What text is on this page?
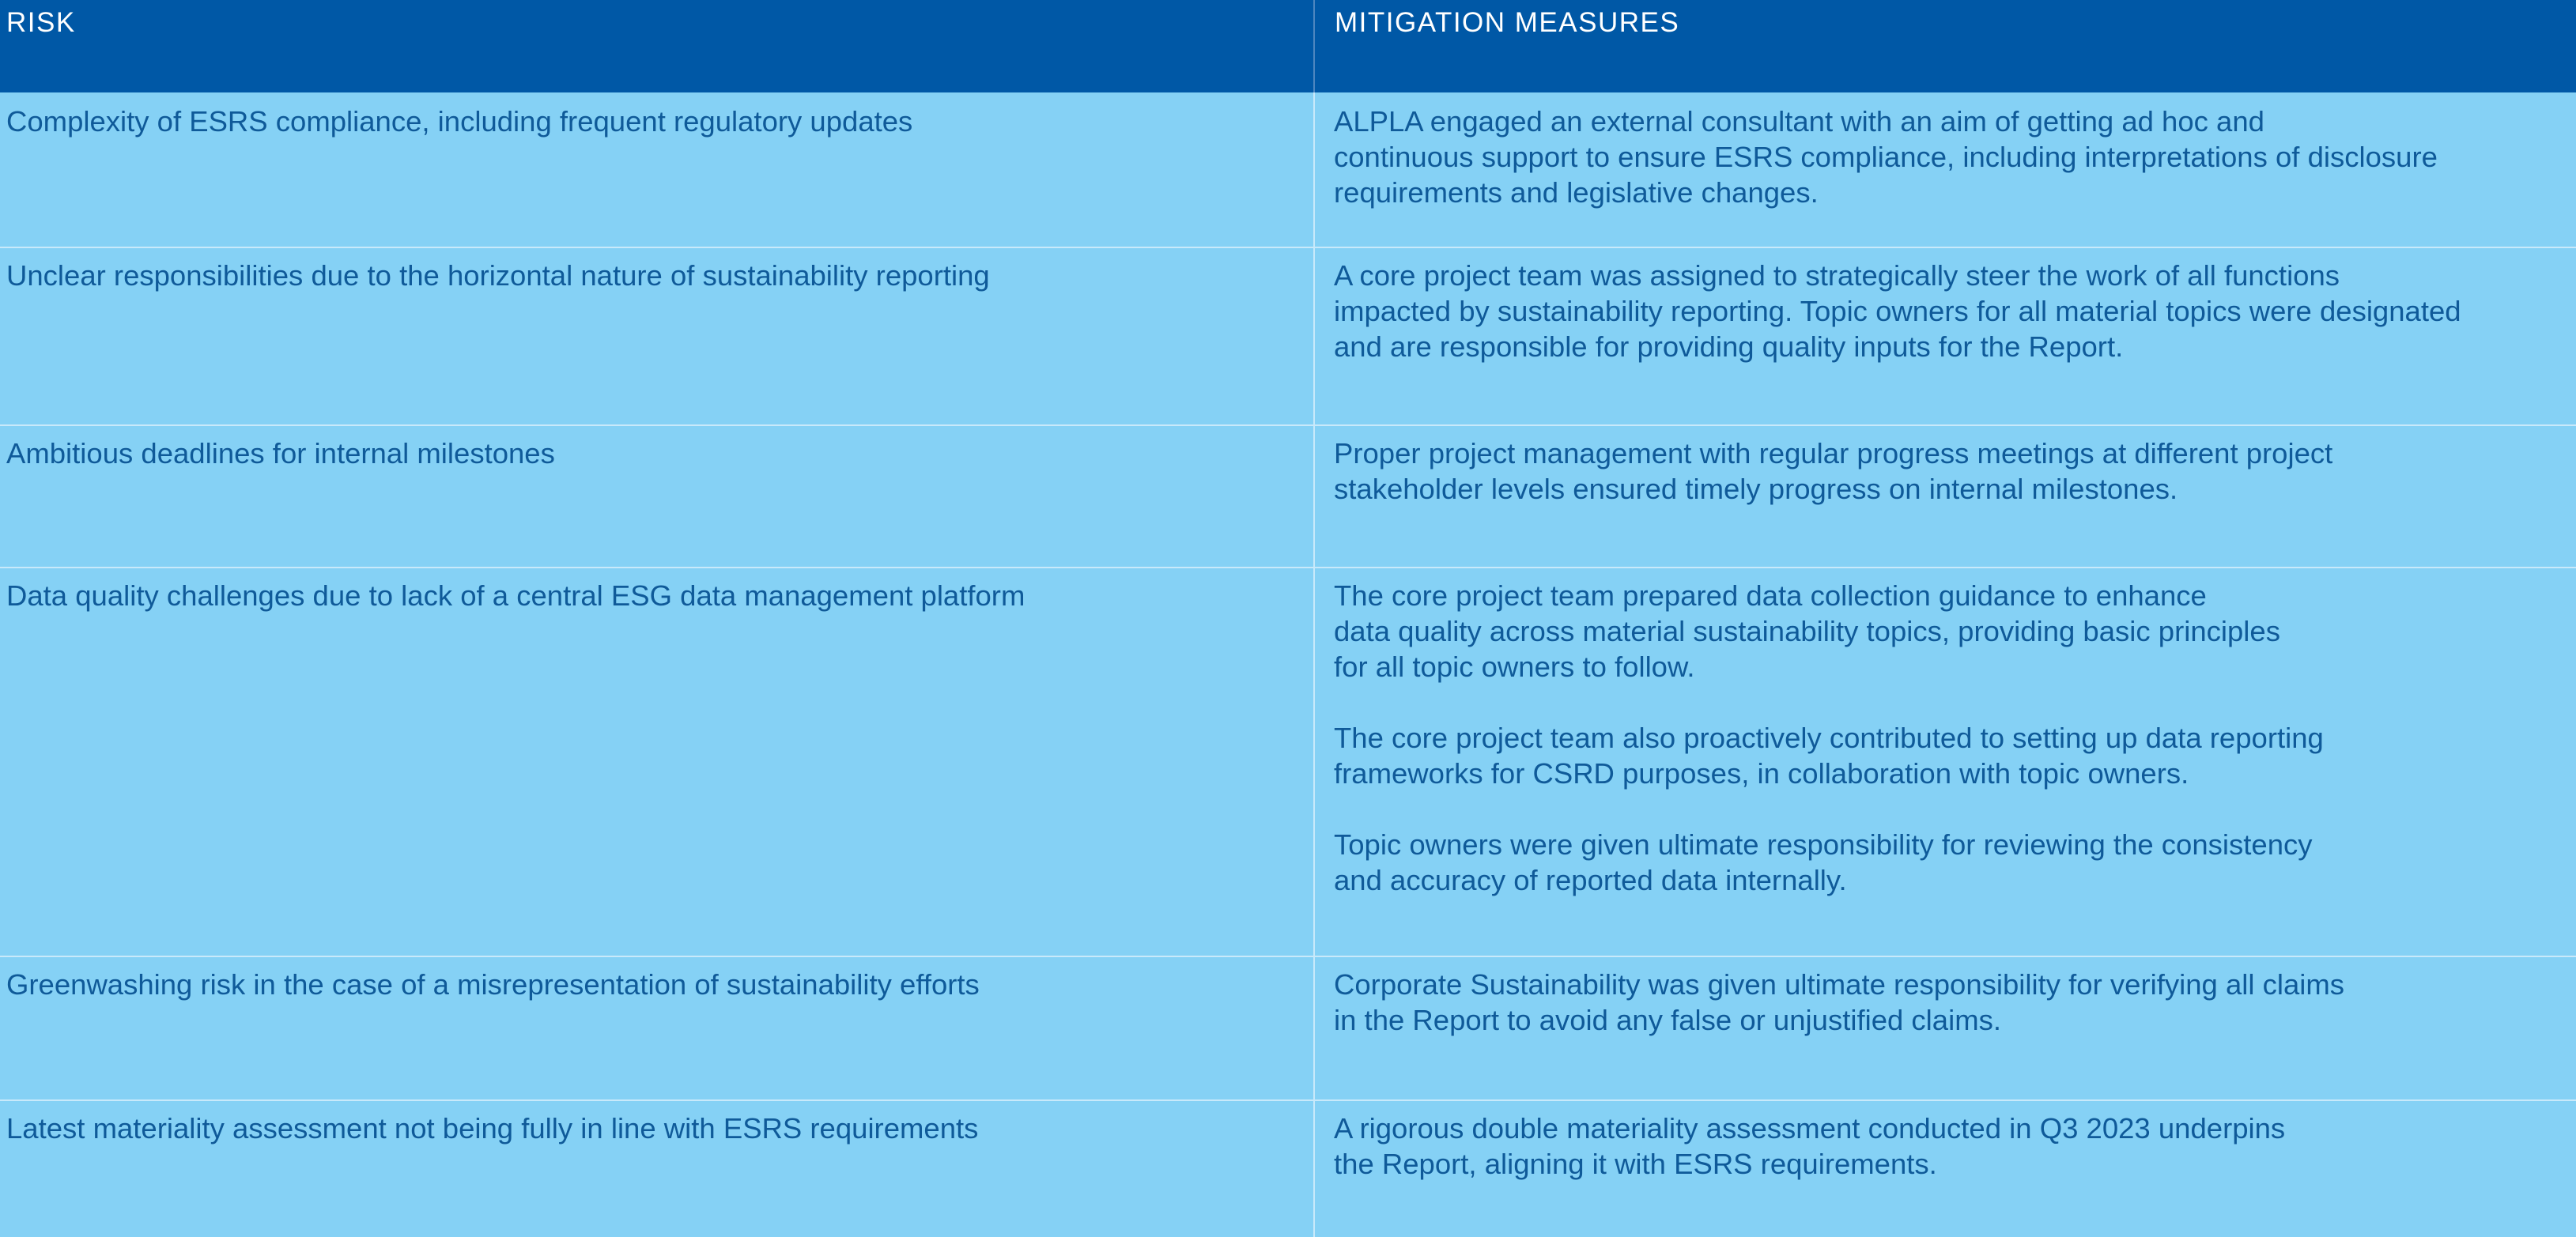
RISK	MITIGATION MEASURES
Complexity of ESRS compliance, including frequent regulatory updates	ALPLA engaged an external consultant with an aim of getting ad hoc and
continuous support to ensure ESRS compliance, including interpretations of disclosure
requirements and legislative changes.
Unclear responsibilities due to the horizontal nature of sustainability reporting	A core project team was assigned to strategically steer the work of all functions
impacted by sustainability reporting. Topic owners for all material topics were designated
and are responsible for providing quality inputs for the Report.
Ambitious deadlines for internal milestones	Proper project management with regular progress meetings at different project
stakeholder levels ensured timely progress on internal milestones.
Data quality challenges due to lack of a central ESG data management platform	The core project team prepared data collection guidance to enhance
data quality across material sustainability topics, providing basic principles
for all topic owners to follow.
The core project team also proactively contributed to setting up data reporting
frameworks for CSRD purposes, in collaboration with topic owners.
Topic owners were given ultimate responsibility for reviewing the consistency
and accuracy of reported data internally.
Greenwashing risk in the case of a misrepresentation of sustainability efforts	Corporate Sustainability was given ultimate responsibility for verifying all claims
in the Report to avoid any false or unjustified claims.
Latest materiality assessment not being fully in line with ESRS requirements	A rigorous double materiality assessment conducted in Q3 2023 underpins
the Report, aligning it with ESRS requirements.
